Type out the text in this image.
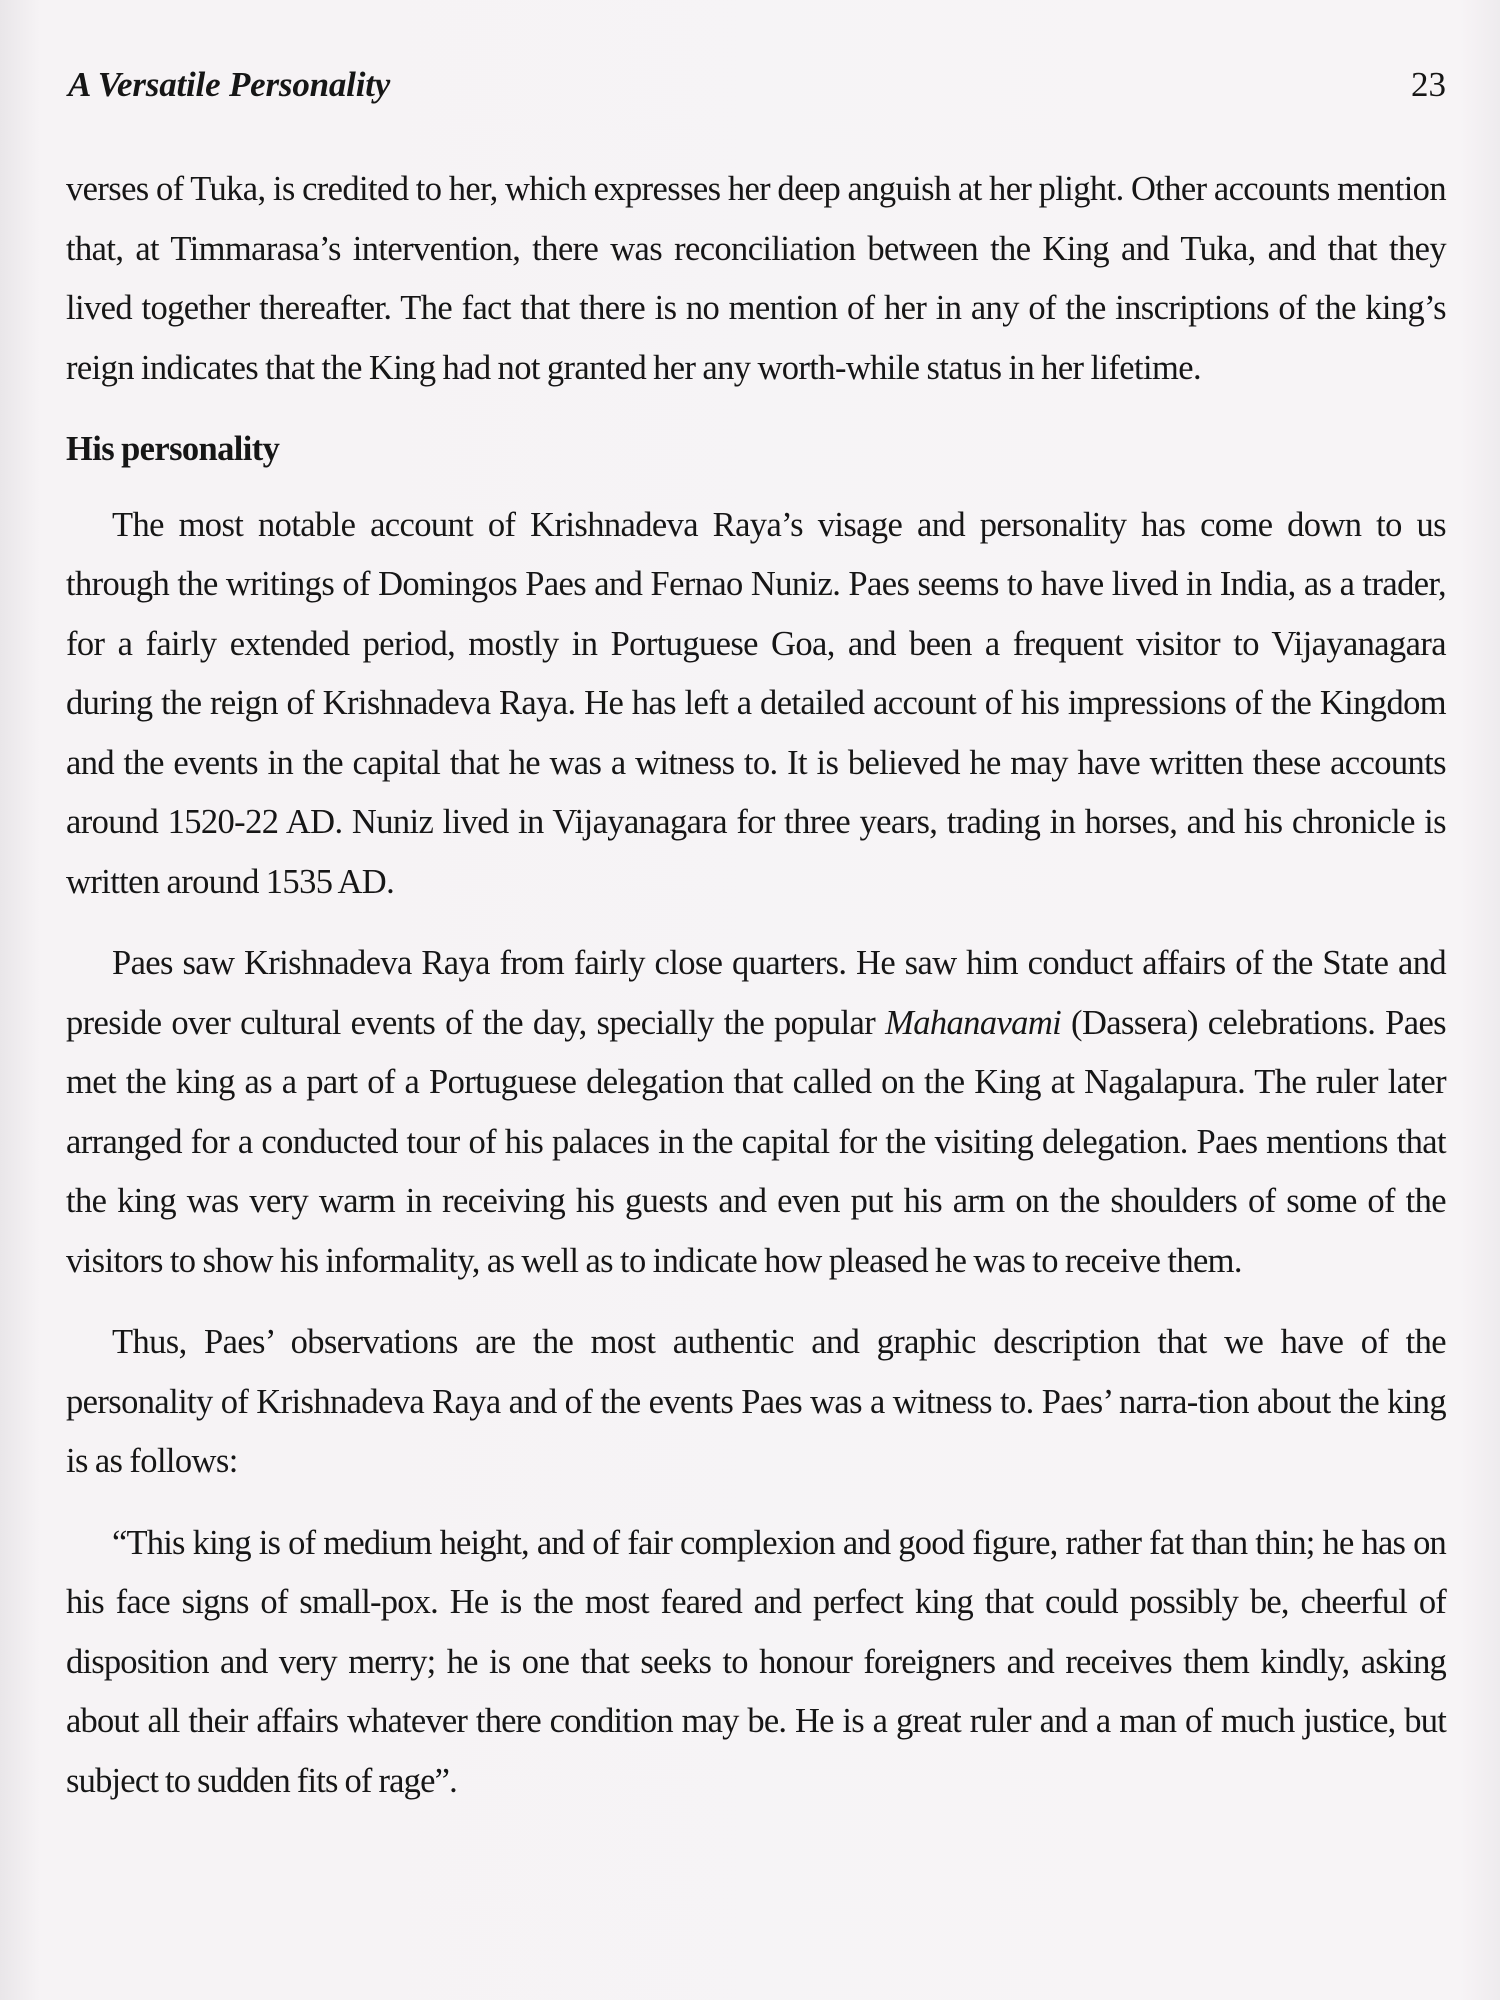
A Versatile Personality	23

verses of Tuka, is credited to her, which expresses her deep anguish at her plight. Other accounts mention that, at Timmarasa’s intervention, there was reconciliation between the King and Tuka, and that they lived together thereafter. The fact that there is no mention of her in any of the inscriptions of the king’s reign indicates that the King had not granted her any worth-while status in her lifetime.

His personality

The most notable account of Krishnadeva Raya’s visage and personality has come down to us through the writings of Domingos Paes and Fernao Nuniz. Paes seems to have lived in India, as a trader, for a fairly extended period, mostly in Portuguese Goa, and been a frequent visitor to Vijayanagara during the reign of Krishnadeva Raya. He has left a detailed account of his impressions of the Kingdom and the events in the capital that he was a witness to. It is believed he may have written these accounts around 1520-22 AD. Nuniz lived in Vijayanagara for three years, trading in horses, and his chronicle is written around 1535 AD.

Paes saw Krishnadeva Raya from fairly close quarters. He saw him conduct affairs of the State and preside over cultural events of the day, specially the popular Mahanavami (Dassera) celebrations. Paes met the king as a part of a Portuguese delegation that called on the King at Nagalapura. The ruler later arranged for a conducted tour of his palaces in the capital for the visiting delegation. Paes mentions that the king was very warm in receiving his guests and even put his arm on the shoulders of some of the visitors to show his informality, as well as to indicate how pleased he was to receive them.

Thus, Paes’ observations are the most authentic and graphic description that we have of the personality of Krishnadeva Raya and of the events Paes was a witness to. Paes’ narra-tion about the king is as follows:

“This king is of medium height, and of fair complexion and good figure, rather fat than thin; he has on his face signs of small-pox. He is the most feared and perfect king that could possibly be, cheerful of disposition and very merry; he is one that seeks to honour foreigners and receives them kindly, asking about all their affairs whatever there condition may be. He is a great ruler and a man of much justice, but subject to sudden fits of rage”.
